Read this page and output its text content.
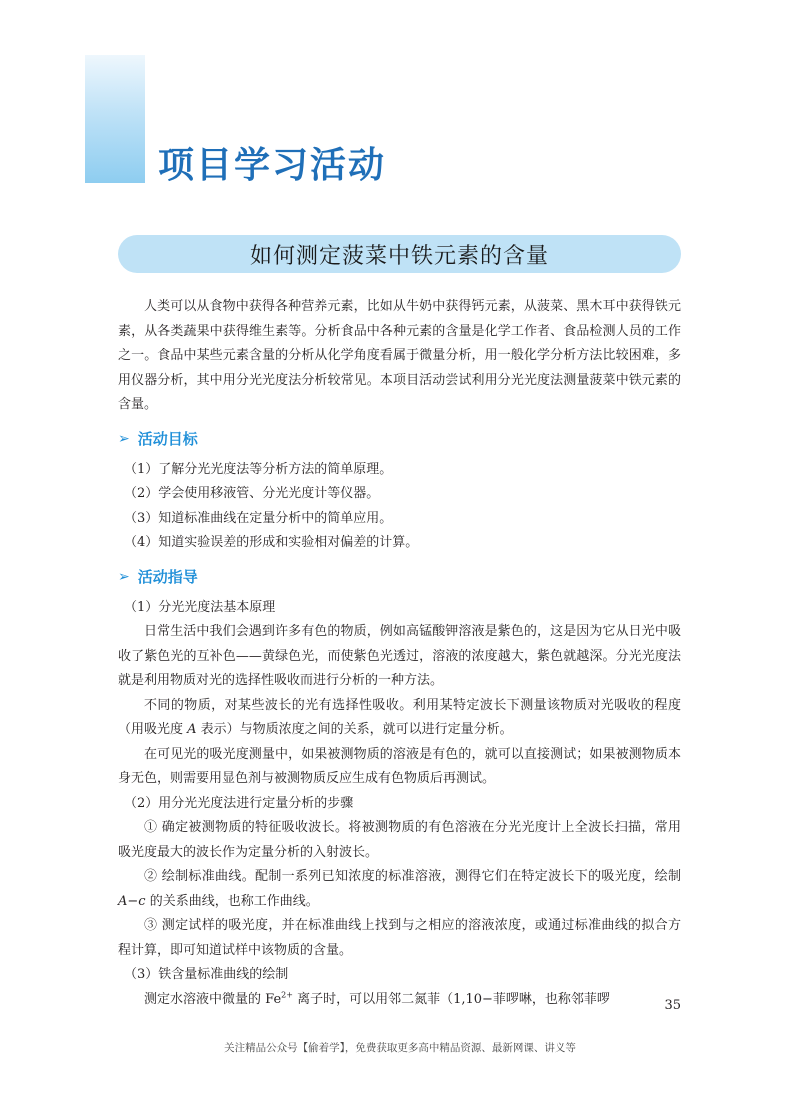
项目学习活动
如何测定菠菜中铁元素的含量

人类可以从食物中获得各种营养元素，比如从牛奶中获得钙元素，从菠菜、黑木耳中获得铁元素，从各类蔬果中获得维生素等。分析食品中各种元素的含量是化学工作者、食品检测人员的工作之一。食品中某些元素含量的分析从化学角度看属于微量分析，用一般化学分析方法比较困难，多用仪器分析，其中用分光光度法分析较常见。本项目活动尝试利用分光光度法测量菠菜中铁元素的含量。

➢ 活动目标

（1）了解分光光度法等分析方法的简单原理。

（2）学会使用移液管、分光光度计等仪器。

（3）知道标准曲线在定量分析中的简单应用。

（4）知道实验误差的形成和实验相对偏差的计算。

➢ 活动指导

（1）分光光度法基本原理

日常生活中我们会遇到许多有色的物质，例如高锰酸钾溶液是紫色的，这是因为它从日光中吸收了紫色光的互补色——黄绿色光，而使紫色光透过，溶液的浓度越大，紫色就越深。分光光度法就是利用物质对光的选择性吸收而进行分析的一种方法。

不同的物质，对某些波长的光有选择性吸收。利用某特定波长下测量该物质对光吸收的程度（用吸光度 A 表示）与物质浓度之间的关系，就可以进行定量分析。

在可见光的吸光度测量中，如果被测物质的溶液是有色的，就可以直接测试；如果被测物质本身无色，则需要用显色剂与被测物质反应生成有色物质后再测试。

（2）用分光光度法进行定量分析的步骤

① 确定被测物质的特征吸收波长。将被测物质的有色溶液在分光光度计上全波长扫描，常用吸光度最大的波长作为定量分析的入射波长。

② 绘制标准曲线。配制一系列已知浓度的标准溶液，测得它们在特定波长下的吸光度，绘制 A−c 的关系曲线，也称工作曲线。

③ 测定试样的吸光度，并在标准曲线上找到与之相应的溶液浓度，或通过标准曲线的拟合方程计算，即可知道试样中该物质的含量。

（3）铁含量标准曲线的绘制

测定水溶液中微量的 $Fe^{2+}$ 离子时，可以用邻二氮菲（1,10−菲啰啉，也称邻菲啰	35
关注精品公众号【偷着学】，免费获取更多高中精品资源、最新网课、讲义等
